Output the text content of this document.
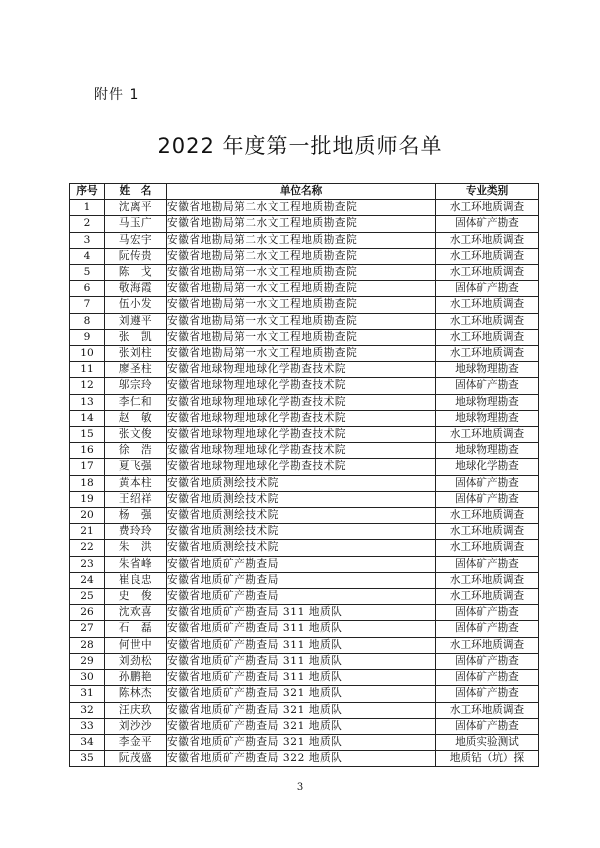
附件 1
2022 年度第一批地质师名单
序号	姓　名	单位名称	专业类别
1	沈离平	安徽省地勘局第二水文工程地质勘查院	水工环地质调查
2	马玉广	安徽省地勘局第二水文工程地质勘查院	固体矿产勘查
3	马宏宇	安徽省地勘局第二水文工程地质勘查院	水工环地质调查
4	阮传贵	安徽省地勘局第二水文工程地质勘查院	水工环地质调查
5	陈　戈	安徽省地勘局第一水文工程地质勘查院	水工环地质调查
6	敬海霞	安徽省地勘局第一水文工程地质勘查院	固体矿产勘查
7	伍小发	安徽省地勘局第一水文工程地质勘查院	水工环地质调查
8	刘遵平	安徽省地勘局第一水文工程地质勘查院	水工环地质调查
9	张　凯	安徽省地勘局第一水文工程地质勘查院	水工环地质调查
10	张刘柱	安徽省地勘局第一水文工程地质勘查院	水工环地质调查
11	廖圣柱	安徽省地球物理地球化学勘查技术院	地球物理勘查
12	邬宗玲	安徽省地球物理地球化学勘查技术院	固体矿产勘查
13	李仁和	安徽省地球物理地球化学勘查技术院	地球物理勘查
14	赵　敏	安徽省地球物理地球化学勘查技术院	地球物理勘查
15	张文俊	安徽省地球物理地球化学勘查技术院	水工环地质调查
16	徐　浩	安徽省地球物理地球化学勘查技术院	地球物理勘查
17	夏飞强	安徽省地球物理地球化学勘查技术院	地球化学勘查
18	黄本柱	安徽省地质测绘技术院	固体矿产勘查
19	王绍祥	安徽省地质测绘技术院	固体矿产勘查
20	杨　强	安徽省地质测绘技术院	水工环地质调查
21	费玲玲	安徽省地质测绘技术院	水工环地质调查
22	朱　洪	安徽省地质测绘技术院	水工环地质调查
23	朱省峰	安徽省地质矿产勘查局	固体矿产勘查
24	崔良忠	安徽省地质矿产勘查局	水工环地质调查
25	史　俊	安徽省地质矿产勘查局	水工环地质调查
26	沈欢喜	安徽省地质矿产勘查局 311 地质队	固体矿产勘查
27	石　磊	安徽省地质矿产勘查局 311 地质队	固体矿产勘查
28	何世中	安徽省地质矿产勘查局 311 地质队	水工环地质调查
29	刘劲松	安徽省地质矿产勘查局 311 地质队	固体矿产勘查
30	孙鹏艳	安徽省地质矿产勘查局 311 地质队	固体矿产勘查
31	陈林杰	安徽省地质矿产勘查局 321 地质队	固体矿产勘查
32	汪庆玖	安徽省地质矿产勘查局 321 地质队	水工环地质调查
33	刘沙沙	安徽省地质矿产勘查局 321 地质队	固体矿产勘查
34	李金平	安徽省地质矿产勘查局 321 地质队	地质实验测试
35	阮茂盛	安徽省地质矿产勘查局 322 地质队	地质钻（坑）探
3
